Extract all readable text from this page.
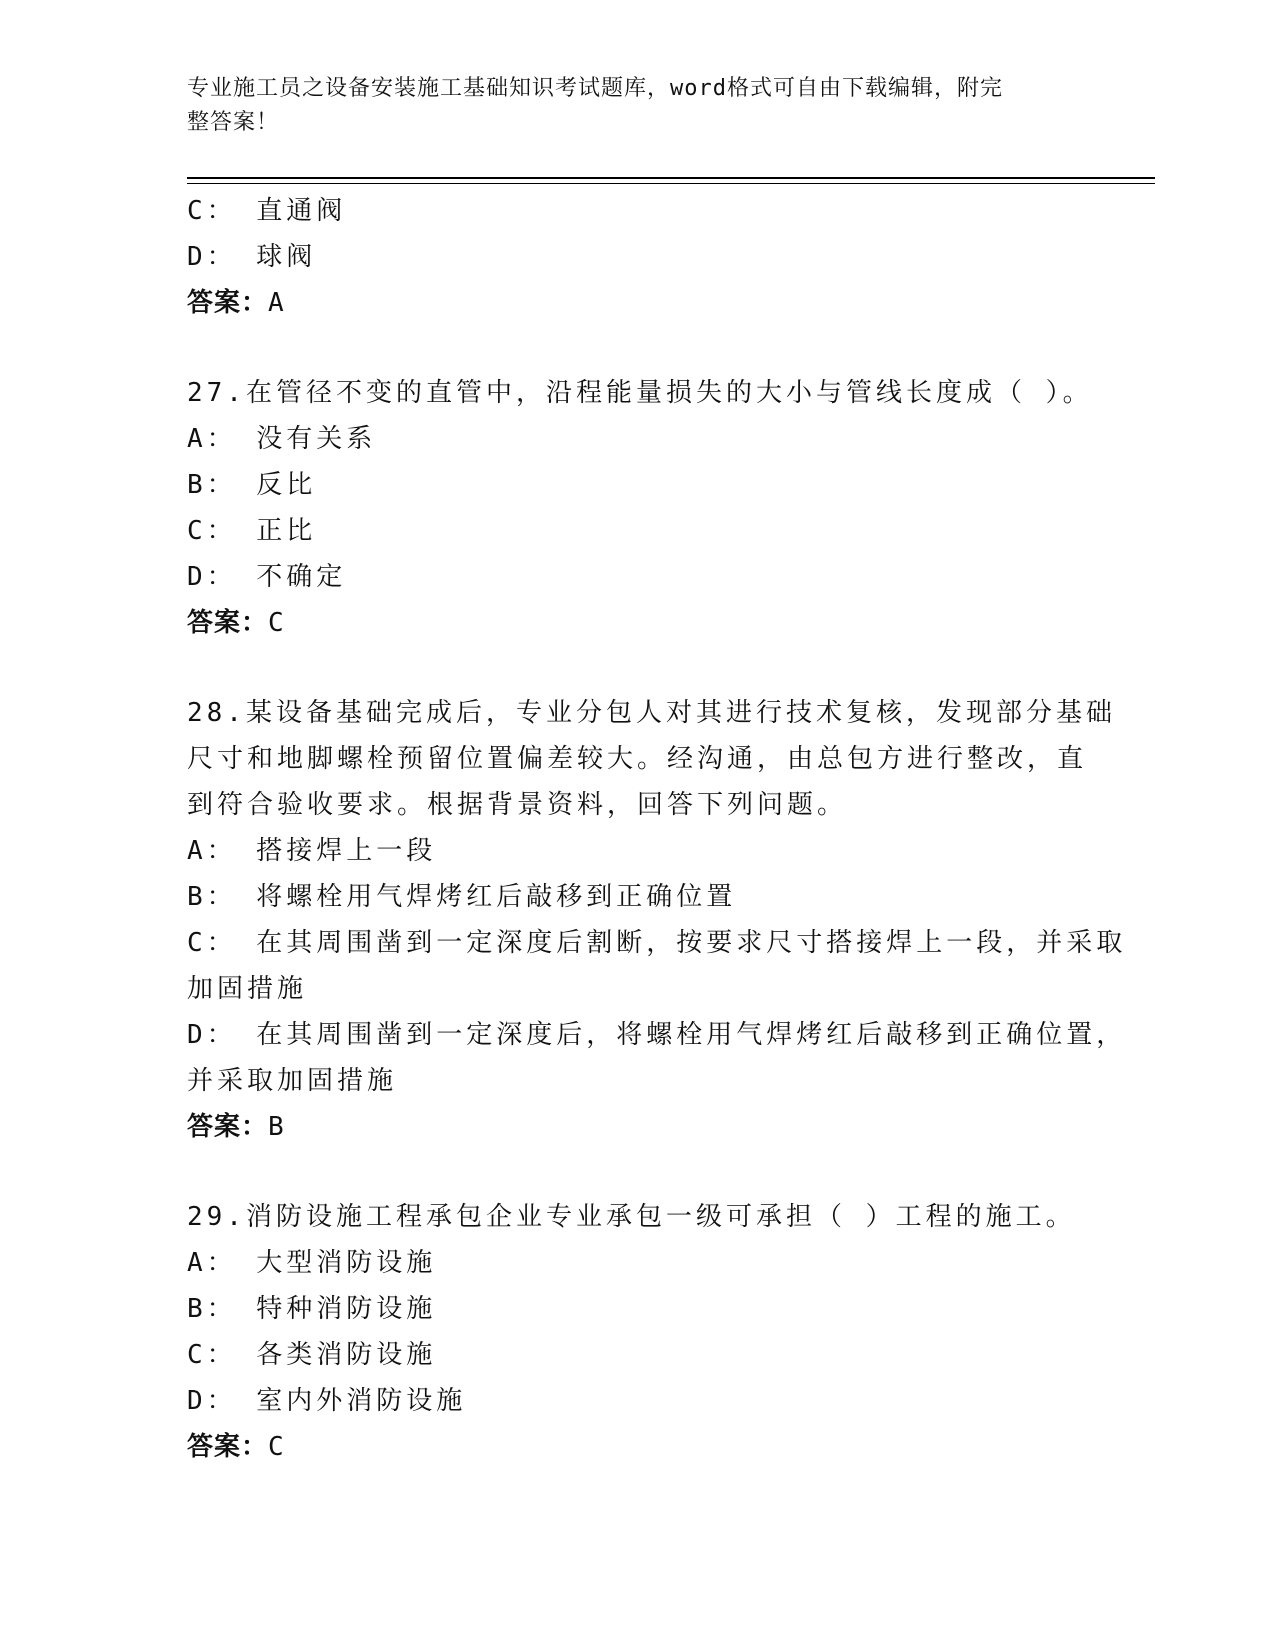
专业施工员之设备安装施工基础知识考试题库，word格式可自由下载编辑，附完
整答案！
C： 直通阀
D： 球阀
答案：A
27.在管径不变的直管中，沿程能量损失的大小与管线长度成（ ）。
A： 没有关系
B： 反比
C： 正比
D： 不确定
答案：C
28.某设备基础完成后，专业分包人对其进行技术复核，发现部分基础
尺寸和地脚螺栓预留位置偏差较大。经沟通，由总包方进行整改，直
到符合验收要求。根据背景资料，回答下列问题。
A： 搭接焊上一段
B： 将螺栓用气焊烤红后敲移到正确位置
C： 在其周围凿到一定深度后割断，按要求尺寸搭接焊上一段，并采取
加固措施
D： 在其周围凿到一定深度后，将螺栓用气焊烤红后敲移到正确位置，
并采取加固措施
答案：B
29.消防设施工程承包企业专业承包一级可承担（ ）工程的施工。
A： 大型消防设施
B： 特种消防设施
C： 各类消防设施
D： 室内外消防设施
答案：C
